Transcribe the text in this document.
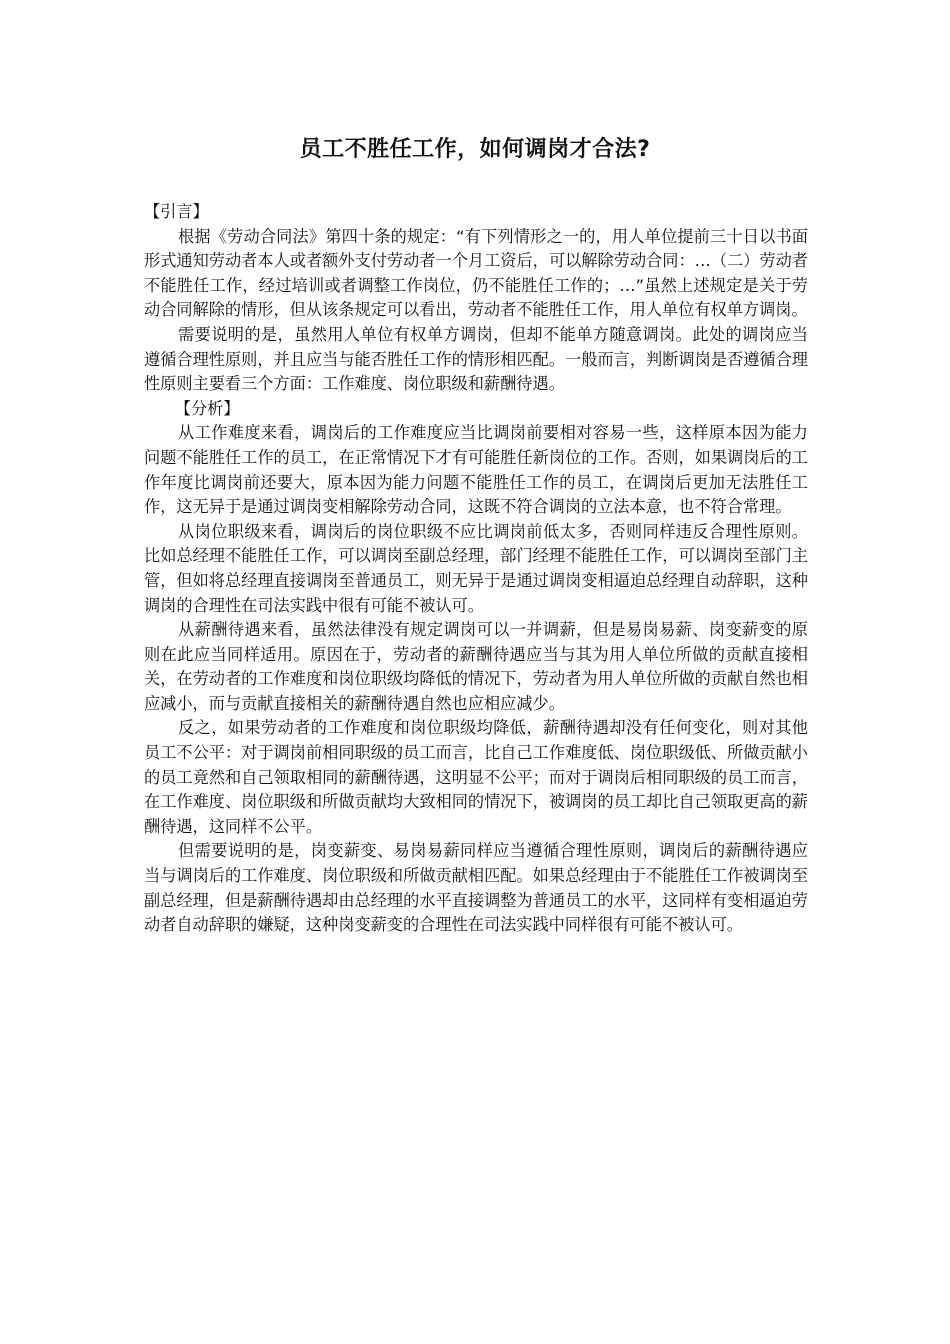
员工不胜任工作，如何调岗才合法?

【引言】

根据《劳动合同法》第四十条的规定：“有下列情形之一的，用人单位提前三十日以书面形式通知劳动者本人或者额外支付劳动者一个月工资后，可以解除劳动合同：…（二）劳动者不能胜任工作，经过培训或者调整工作岗位，仍不能胜任工作的；…”虽然上述规定是关于劳动合同解除的情形，但从该条规定可以看出，劳动者不能胜任工作，用人单位有权单方调岗。

需要说明的是，虽然用人单位有权单方调岗，但却不能单方随意调岗。此处的调岗应当遵循合理性原则，并且应当与能否胜任工作的情形相匹配。一般而言，判断调岗是否遵循合理性原则主要看三个方面：工作难度、岗位职级和薪酬待遇。

【分析】

从工作难度来看，调岗后的工作难度应当比调岗前要相对容易一些，这样原本因为能力问题不能胜任工作的员工，在正常情况下才有可能胜任新岗位的工作。否则，如果调岗后的工作年度比调岗前还要大，原本因为能力问题不能胜任工作的员工，在调岗后更加无法胜任工作，这无异于是通过调岗变相解除劳动合同，这既不符合调岗的立法本意，也不符合常理。

从岗位职级来看，调岗后的岗位职级不应比调岗前低太多，否则同样违反合理性原则。比如总经理不能胜任工作，可以调岗至副总经理，部门经理不能胜任工作，可以调岗至部门主管，但如将总经理直接调岗至普通员工，则无异于是通过调岗变相逼迫总经理自动辞职，这种调岗的合理性在司法实践中很有可能不被认可。

从薪酬待遇来看，虽然法律没有规定调岗可以一并调薪，但是易岗易薪、岗变薪变的原则在此应当同样适用。原因在于，劳动者的薪酬待遇应当与其为用人单位所做的贡献直接相关，在劳动者的工作难度和岗位职级均降低的情况下，劳动者为用人单位所做的贡献自然也相应减小，而与贡献直接相关的薪酬待遇自然也应相应减少。

反之，如果劳动者的工作难度和岗位职级均降低，薪酬待遇却没有任何变化，则对其他员工不公平：对于调岗前相同职级的员工而言，比自己工作难度低、岗位职级低、所做贡献小的员工竟然和自己领取相同的薪酬待遇，这明显不公平；而对于调岗后相同职级的员工而言，在工作难度、岗位职级和所做贡献均大致相同的情况下，被调岗的员工却比自己领取更高的薪酬待遇，这同样不公平。

但需要说明的是，岗变薪变、易岗易薪同样应当遵循合理性原则，调岗后的薪酬待遇应当与调岗后的工作难度、岗位职级和所做贡献相匹配。如果总经理由于不能胜任工作被调岗至副总经理，但是薪酬待遇却由总经理的水平直接调整为普通员工的水平，这同样有变相逼迫劳动者自动辞职的嫌疑，这种岗变薪变的合理性在司法实践中同样很有可能不被认可。
